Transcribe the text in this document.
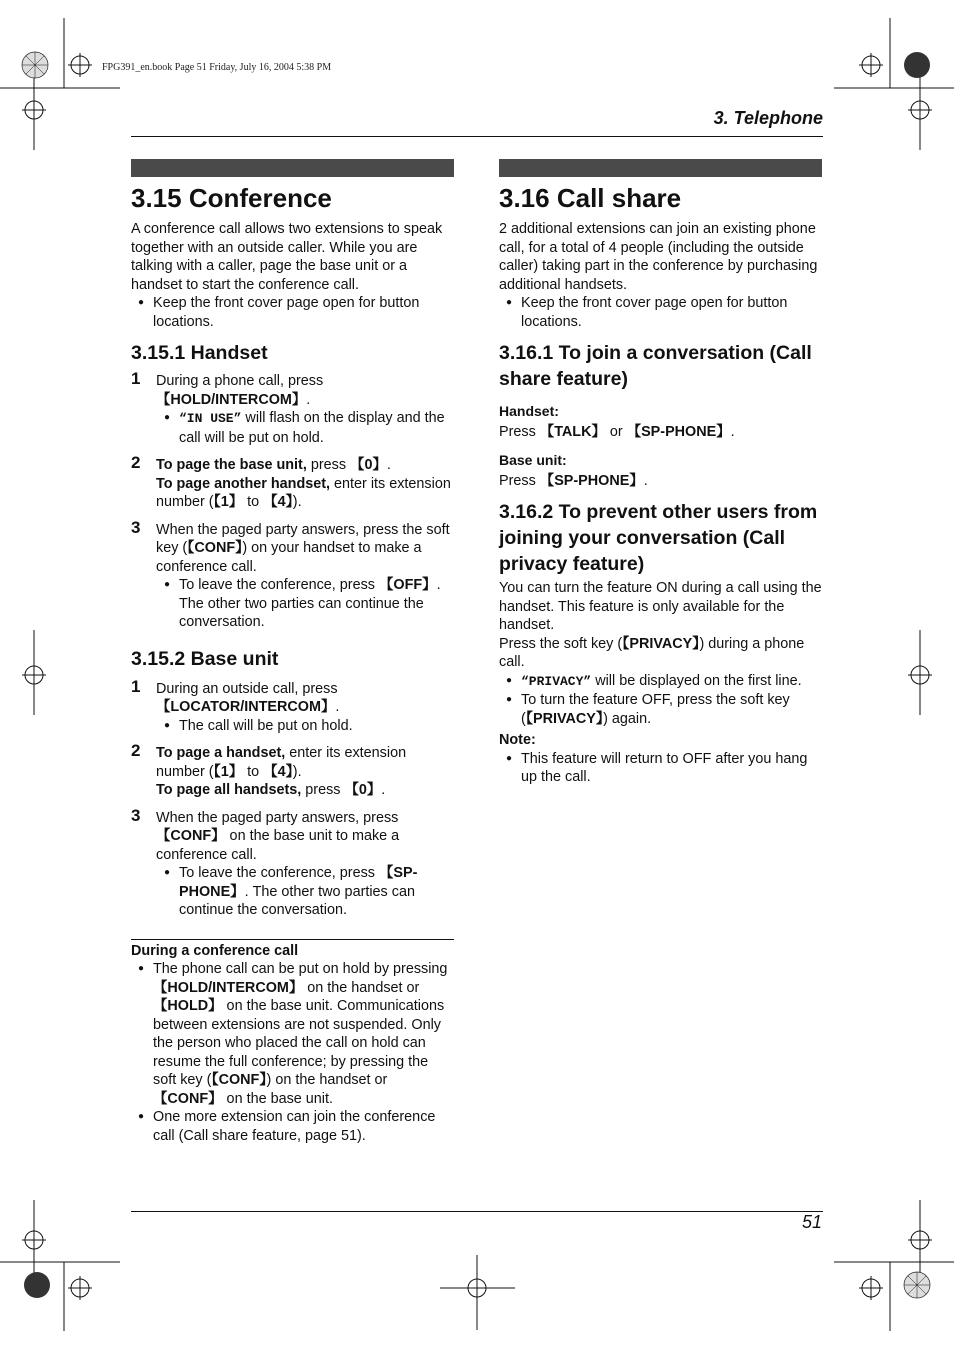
FPG391_en.book Page 51 Friday, July 16, 2004 5:38 PM
3. Telephone
3.15 Conference

A conference call allows two extensions to speak together with an outside caller. While you are talking with a caller, page the base unit or a handset to start the conference call.

● Keep the front cover page open for button locations.
3.15.1 Handset
1 During a phone call, press
【HOLD/INTERCOM】.

● “IN USE” will flash on the display and the call will be put on hold.
2 To page the base unit, press 【0】.

To page another handset, enter its extension number (【1】 to 【4】).

3 When the paged party answers, press the soft key (【CONF】) on your handset to make a conference call.

● To leave the conference, press 【OFF】. The other two parties can continue the conversation.
3.15.2 Base unit
1 During an outside call, press
【LOCATOR/INTERCOM】.

● The call will be put on hold.
2 To page a handset, enter its extension number (【1】 to 【4】).

To page all handsets, press 【0】.

3 When the paged party answers, press
【CONF】 on the base unit to make a conference call.

● To leave the conference, press 【SP-PHONE】. The other two parties can continue the conversation.

During a conference call

● The phone call can be put on hold by pressing 【HOLD/INTERCOM】 on the handset or 【HOLD】 on the base unit. Communications between extensions are not suspended. Only the person who placed the call on hold can resume the full conference; by pressing the soft key (【CONF】) on the handset or 【CONF】 on the base unit.
● One more extension can join the conference call (Call share feature, page 51).
3.16 Call share

2 additional extensions can join an existing phone call, for a total of 4 people (including the outside caller) taking part in the conference by purchasing additional handsets.

● Keep the front cover page open for button locations.
3.16.1 To join a conversation (Call share feature)

Handset:

Press 【TALK】 or 【SP-PHONE】.

Base unit:

Press 【SP-PHONE】.

3.16.2 To prevent other users from joining your conversation (Call privacy feature)

You can turn the feature ON during a call using the handset. This feature is only available for the handset.

Press the soft key (【PRIVACY】) during a phone call.

● “PRIVACY” will be displayed on the first line.
● To turn the feature OFF, press the soft key (【PRIVACY】) again.

Note:

● This feature will return to OFF after you hang up the call.
51
